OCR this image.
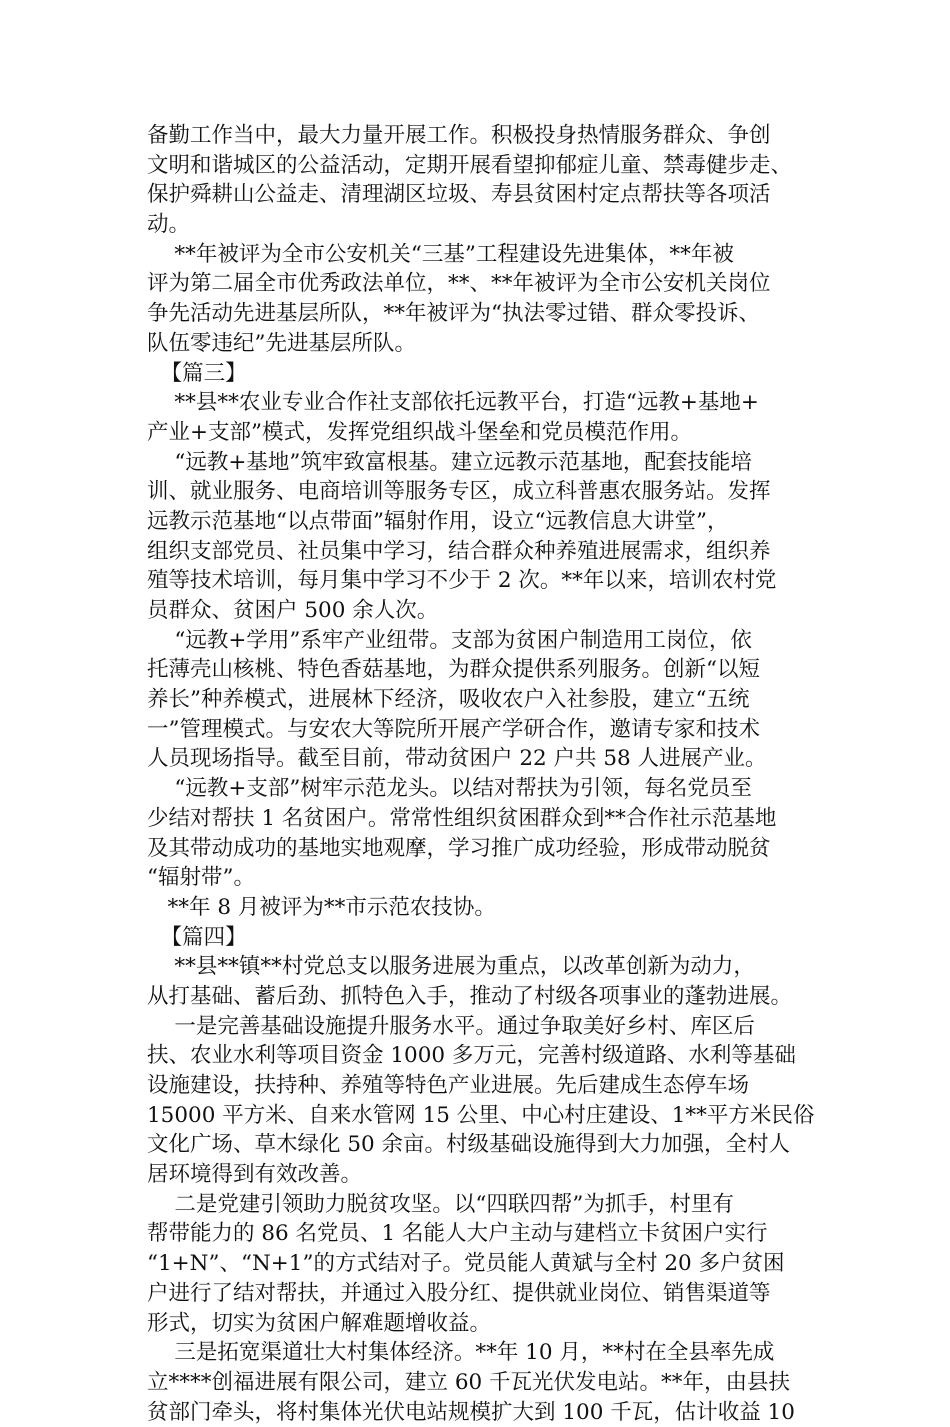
备勤工作当中，最大力量开展工作。积极投身热情服务群众、争创
文明和谐城区的公益活动，定期开展看望抑郁症儿童、禁毒健步走、
保护舜耕山公益走、清理湖区垃圾、寿县贫困村定点帮扶等各项活
动。
**年被评为全市公安机关“三基”工程建设先进集体，**年被
评为第二届全市优秀政法单位，**、**年被评为全市公安机关岗位
争先活动先进基层所队，**年被评为“执法零过错、群众零投诉、
队伍零违纪”先进基层所队。
【篇三】
**县**农业专业合作社支部依托远教平台，打造“远教+基地+
产业+支部”模式，发挥党组织战斗堡垒和党员模范作用。
“远教+基地”筑牢致富根基。建立远教示范基地，配套技能培
训、就业服务、电商培训等服务专区，成立科普惠农服务站。发挥
远教示范基地“以点带面”辐射作用，设立“远教信息大讲堂”，
组织支部党员、社员集中学习，结合群众种养殖进展需求，组织养
殖等技术培训，每月集中学习不少于 2 次。**年以来，培训农村党
员群众、贫困户 500 余人次。
“远教+学用”系牢产业纽带。支部为贫困户制造用工岗位，依
托薄壳山核桃、特色香菇基地，为群众提供系列服务。创新“以短
养长”种养模式，进展林下经济，吸收农户入社参股，建立“五统
一”管理模式。与安农大等院所开展产学研合作，邀请专家和技术
人员现场指导。截至目前，带动贫困户 22 户共 58 人进展产业。
“远教+支部”树牢示范龙头。以结对帮扶为引领，每名党员至
少结对帮扶 1 名贫困户。常常性组织贫困群众到**合作社示范基地
及其带动成功的基地实地观摩，学习推广成功经验，形成带动脱贫
“辐射带”。
**年 8 月被评为**市示范农技协。
【篇四】
**县**镇**村党总支以服务进展为重点，以改革创新为动力，
从打基础、蓄后劲、抓特色入手，推动了村级各项事业的蓬勃进展。
一是完善基础设施提升服务水平。通过争取美好乡村、库区后
扶、农业水利等项目资金 1000 多万元，完善村级道路、水利等基础
设施建设，扶持种、养殖等特色产业进展。先后建成生态停车场
15000 平方米、自来水管网 15 公里、中心村庄建设、1**平方米民俗
文化广场、草木绿化 50 余亩。村级基础设施得到大力加强，全村人
居环境得到有效改善。
二是党建引领助力脱贫攻坚。以“四联四帮”为抓手，村里有
帮带能力的 86 名党员、1 名能人大户主动与建档立卡贫困户实行
“1+N”、“N+1”的方式结对子。党员能人黄斌与全村 20 多户贫困
户进行了结对帮扶，并通过入股分红、提供就业岗位、销售渠道等
形式，切实为贫困户解难题增收益。
三是拓宽渠道壮大村集体经济。**年 10 月，**村在全县率先成
立****创福进展有限公司，建立 60 千瓦光伏发电站。**年，由县扶
贫部门牵头，将村集体光伏电站规模扩大到 100 千瓦，估计收益 10
